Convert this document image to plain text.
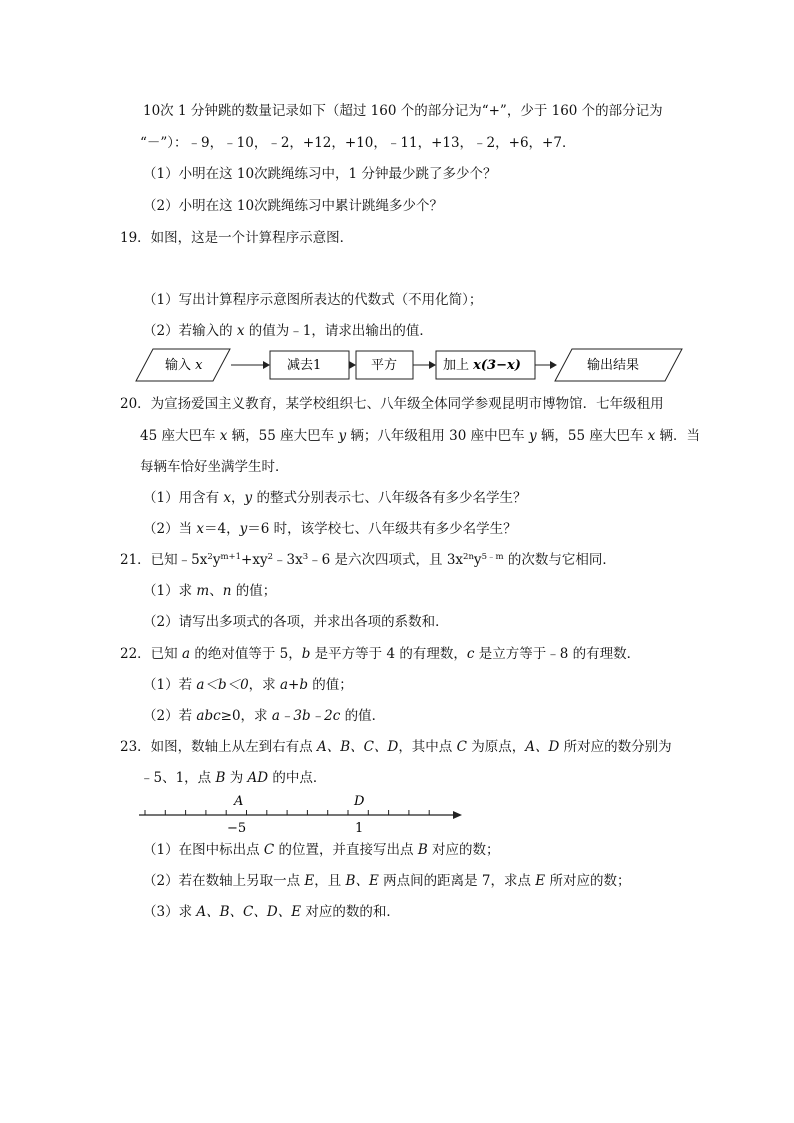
10次 1 分钟跳的数量记录如下（超过 160 个的部分记为“+”，少于 160 个的部分记为
“－”）：﹣9，﹣10，﹣2，+12，+10，﹣11，+13，﹣2，+6，+7．
（1）小明在这 10次跳绳练习中，1 分钟最少跳了多少个？
（2）小明在这 10次跳绳练习中累计跳绳多少个？
19．如图，这是一个计算程序示意图．
（1）写出计算程序示意图所表达的代数式（不用化简）；
（2）若输入的 x 的值为﹣1，请求出输出的值．
输入 x	减去1	平方	加上 x(3−x)	输出结果
20．为宣扬爱国主义教育，某学校组织七、八年级全体同学参观昆明市博物馆．七年级租用
45 座大巴车 x 辆，55 座大巴车 y 辆；八年级租用 30 座中巴车 y 辆，55 座大巴车 x 辆．当
每辆车恰好坐满学生时．
（1）用含有 x，y 的整式分别表示七、八年级各有多少名学生？
（2）当 x＝4，y＝6 时，该学校七、八年级共有多少名学生？
21．已知$﹣5x^2y^{m+1}+xy^2﹣3x^3﹣6$ 是六次四项式，且 $3x^{2n}y^{5﹣m}$ 的次数与它相同．
（1）求 m、n 的值；
（2）请写出多项式的各项，并求出各项的系数和．
22．已知 a 的绝对值等于 5，b 是平方等于 4 的有理数，c 是立方等于﹣8 的有理数．
（1）若 a＜b＜0，求 a+b 的值；
（2）若 abc≥0，求 a﹣3b﹣2c 的值．
23．如图，数轴上从左到右有点 A、B、C、D，其中点 C 为原点，A、D 所对应的数分别为
﹣5、1，点 B 为 AD 的中点．
A	D
−5	1
（1）在图中标出点 C 的位置，并直接写出点 B 对应的数；
（2）若在数轴上另取一点 E，且 B、E 两点间的距离是 7，求点 E 所对应的数；
（3）求 A、B、C、D、E 对应的数的和．
